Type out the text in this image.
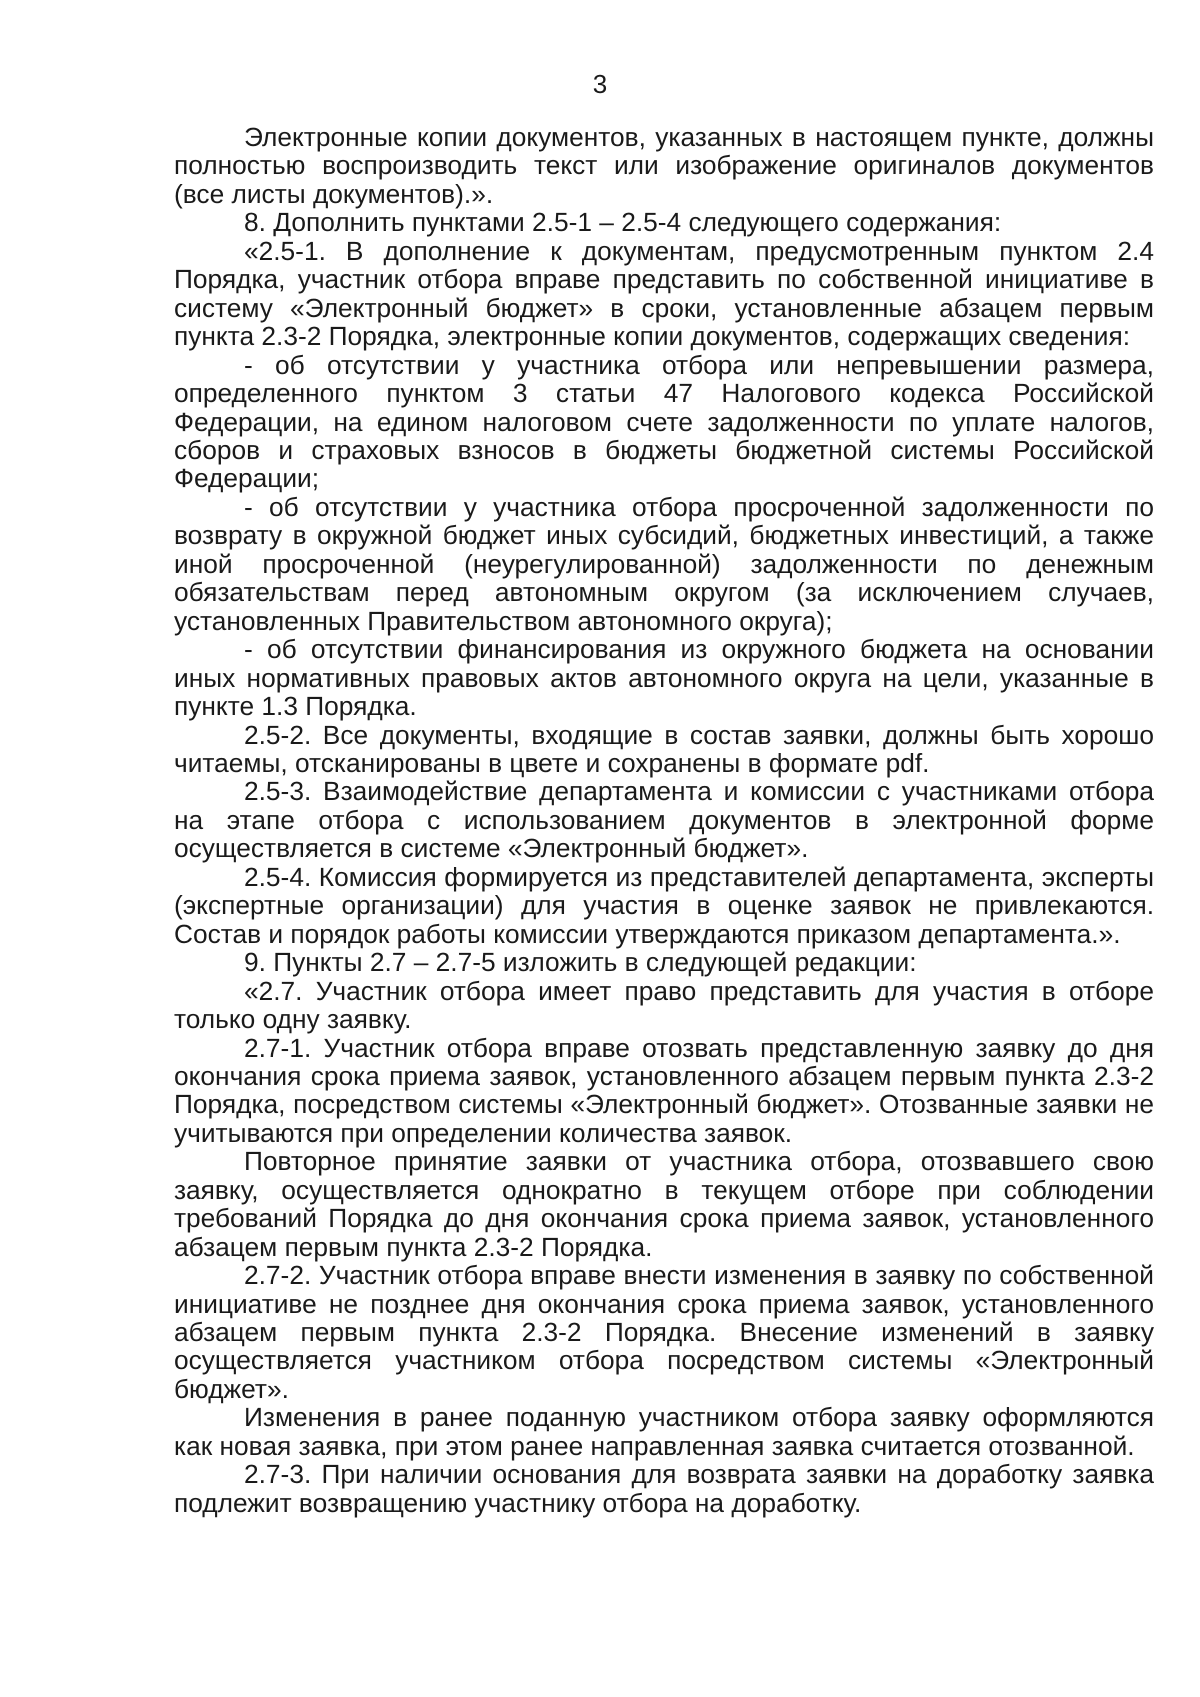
3

Электронные копии документов, указанных в настоящем пункте, должны полностью воспроизводить текст или изображение оригиналов документов (все листы документов).».

8. Дополнить пунктами 2.5-1 – 2.5-4 следующего содержания:

«2.5-1. В дополнение к документам, предусмотренным пунктом 2.4 Порядка, участник отбора вправе представить по собственной инициативе в систему «Электронный бюджет» в сроки, установленные абзацем первым пункта 2.3-2 Порядка, электронные копии документов, содержащих сведения:

- об отсутствии у участника отбора или непревышении размера, определенного пунктом 3 статьи 47 Налогового кодекса Российской Федерации, на едином налоговом счете задолженности по уплате налогов, сборов и страховых взносов в бюджеты бюджетной системы Российской Федерации;

- об отсутствии у участника отбора просроченной задолженности по возврату в окружной бюджет иных субсидий, бюджетных инвестиций, а также иной просроченной (неурегулированной) задолженности по денежным обязательствам перед автономным округом (за исключением случаев, установленных Правительством автономного округа);

- об отсутствии финансирования из окружного бюджета на основании иных нормативных правовых актов автономного округа на цели, указанные в пункте 1.3 Порядка.

2.5-2. Все документы, входящие в состав заявки, должны быть хорошо читаемы, отсканированы в цвете и сохранены в формате pdf.

2.5-3. Взаимодействие департамента и комиссии с участниками отбора на этапе отбора с использованием документов в электронной форме осуществляется в системе «Электронный бюджет».

2.5-4. Комиссия формируется из представителей департамента, эксперты (экспертные организации) для участия в оценке заявок не привлекаются. Состав и порядок работы комиссии утверждаются приказом департамента.».

9. Пункты 2.7 – 2.7-5 изложить в следующей редакции:

«2.7. Участник отбора имеет право представить для участия в отборе только одну заявку.

2.7-1. Участник отбора вправе отозвать представленную заявку до дня окончания срока приема заявок, установленного абзацем первым пункта 2.3-2 Порядка, посредством системы «Электронный бюджет». Отозванные заявки не учитываются при определении количества заявок.

Повторное принятие заявки от участника отбора, отозвавшего свою заявку, осуществляется однократно в текущем отборе при соблюдении требований Порядка до дня окончания срока приема заявок, установленного абзацем первым пункта 2.3-2 Порядка.

2.7-2. Участник отбора вправе внести изменения в заявку по собственной инициативе не позднее дня окончания срока приема заявок, установленного абзацем первым пункта 2.3-2 Порядка. Внесение изменений в заявку осуществляется участником отбора посредством системы «Электронный бюджет».

Изменения в ранее поданную участником отбора заявку оформляются как новая заявка, при этом ранее направленная заявка считается отозванной.

2.7-3. При наличии основания для возврата заявки на доработку заявка подлежит возвращению участнику отбора на доработку.
